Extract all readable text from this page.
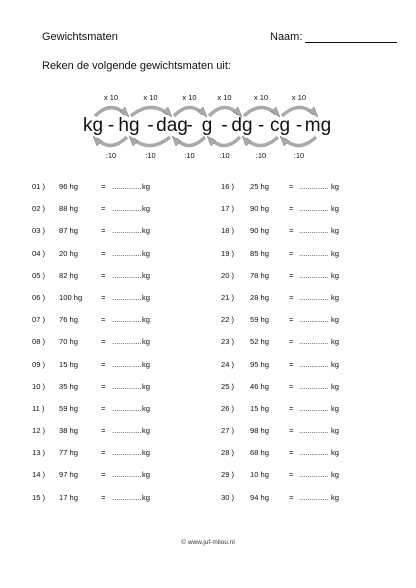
Gewichtsmaten	Naam:
Reken de volgende gewichtsmaten uit:
x 10	x 10	x 10	x 10	x 10	x 10
:10	:10	:10	:10	:10	:10
kg - hg - dag
- g - dg - cg - mg
01 ) 96 hg	= .............. kg
02 ) 88 hg	= .............. kg
03 ) 87 hg	= .............. kg
04 ) 20 hg	= .............. kg
05 ) 82 hg	= .............. kg
06 ) 100 hg = .............. kg
07 ) 76 hg	= .............. kg
08 ) 70 hg	= .............. kg
09 ) 15 hg	= .............. kg
10 ) 35 hg	= .............. kg
11 ) 59 hg	= .............. kg
12 ) 38 hg	= .............. kg
13 ) 77 hg	= .............. kg
14 ) 97 hg	= .............. kg
15 ) 17 hg	= .............. kg
16 ) 25 hg	= .............. kg
17 ) 90 hg	= .............. kg
18 ) 90 hg	= .............. kg
19 ) 85 hg	= .............. kg
20 ) 78 hg	= .............. kg
21 ) 28 hg	= .............. kg
22 ) 59 hg	= .............. kg
23 ) 52 hg	= .............. kg
24 ) 95 hg	= .............. kg
25 ) 46 hg	= .............. kg
26 ) 15 hg	= .............. kg
27 ) 98 hg	= .............. kg
28 ) 68 hg	= .............. kg
29 ) 10 hg	= .............. kg
30 ) 94 hg	= .............. kg
© www.juf-milou.nl
